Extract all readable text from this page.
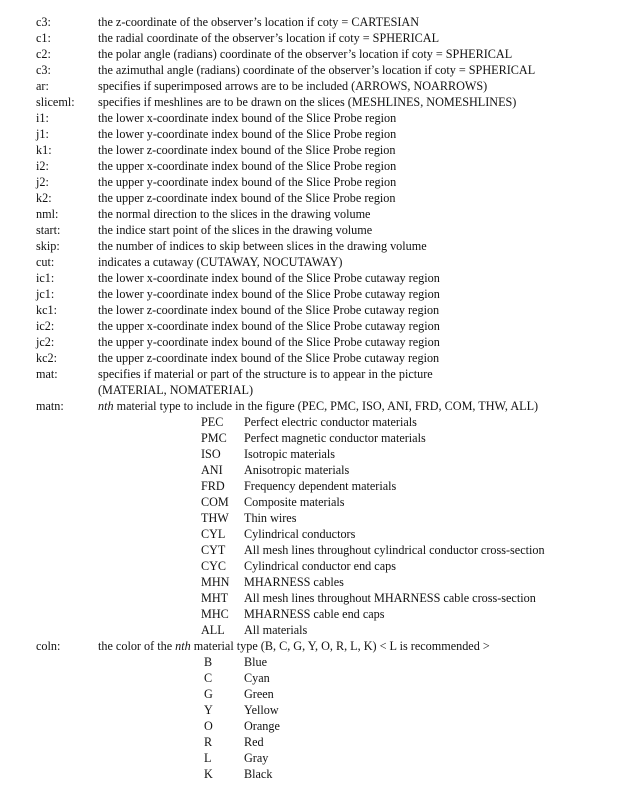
c3:	the z-coordinate of the observer’s location if coty = CARTESIAN
c1:	the radial coordinate of the observer’s location if coty = SPHERICAL
c2:	the polar angle (radians) coordinate of the observer’s location if coty = SPHERICAL
c3:	the azimuthal angle (radians) coordinate of the observer’s location if coty = SPHERICAL
ar:	specifies if superimposed arrows are to be included (ARROWS, NOARROWS)
sliceml: specifies if meshlines are to be drawn on the slices (MESHLINES, NOMESHLINES)
i1:	the lower x-coordinate index bound of the Slice Probe region
j1:	the lower y-coordinate index bound of the Slice Probe region
k1:	the lower z-coordinate index bound of the Slice Probe region
i2:	the upper x-coordinate index bound of the Slice Probe region
j2:	the upper y-coordinate index bound of the Slice Probe region
k2:	the upper z-coordinate index bound of the Slice Probe region
nml:	the normal direction to the slices in the drawing volume
start:	the indice start point of the slices in the drawing volume
skip:	the number of indices to skip between slices in the drawing volume
cut:	indicates a cutaway (CUTAWAY, NOCUTAWAY)
ic1:	the lower x-coordinate index bound of the Slice Probe cutaway region
jc1:	the lower y-coordinate index bound of the Slice Probe cutaway region
kc1:	the lower z-coordinate index bound of the Slice Probe cutaway region
ic2:	the upper x-coordinate index bound of the Slice Probe cutaway region
jc2:	the upper y-coordinate index bound of the Slice Probe cutaway region
kc2:	the upper z-coordinate index bound of the Slice Probe cutaway region
mat:	specifies if material or part of the structure is to appear in the picture
(MATERIAL, NOMATERIAL)
matn:	nth material type to include in the figure (PEC, PMC, ISO, ANI, FRD, COM, THW, ALL)
PEC Perfect electric conductor materials
PMC Perfect magnetic conductor materials
ISO Isotropic materials
ANI Anisotropic materials
FRD Frequency dependent materials
COM Composite materials
THW Thin wires
CYL Cylindrical conductors
CYT All mesh lines throughout cylindrical conductor cross-section
CYC Cylindrical conductor end caps
MHN MHARNESS cables
MHT All mesh lines throughout MHARNESS cable cross-section
MHC MHARNESS cable end caps
ALL All materials
coln:	the color of the nth material type (B, C, G, Y, O, R, L, K) < L is recommended >
B	Blue
C	Cyan
G	Green
Y	Yellow
O	Orange
R	Red
L	Gray
K	Black
